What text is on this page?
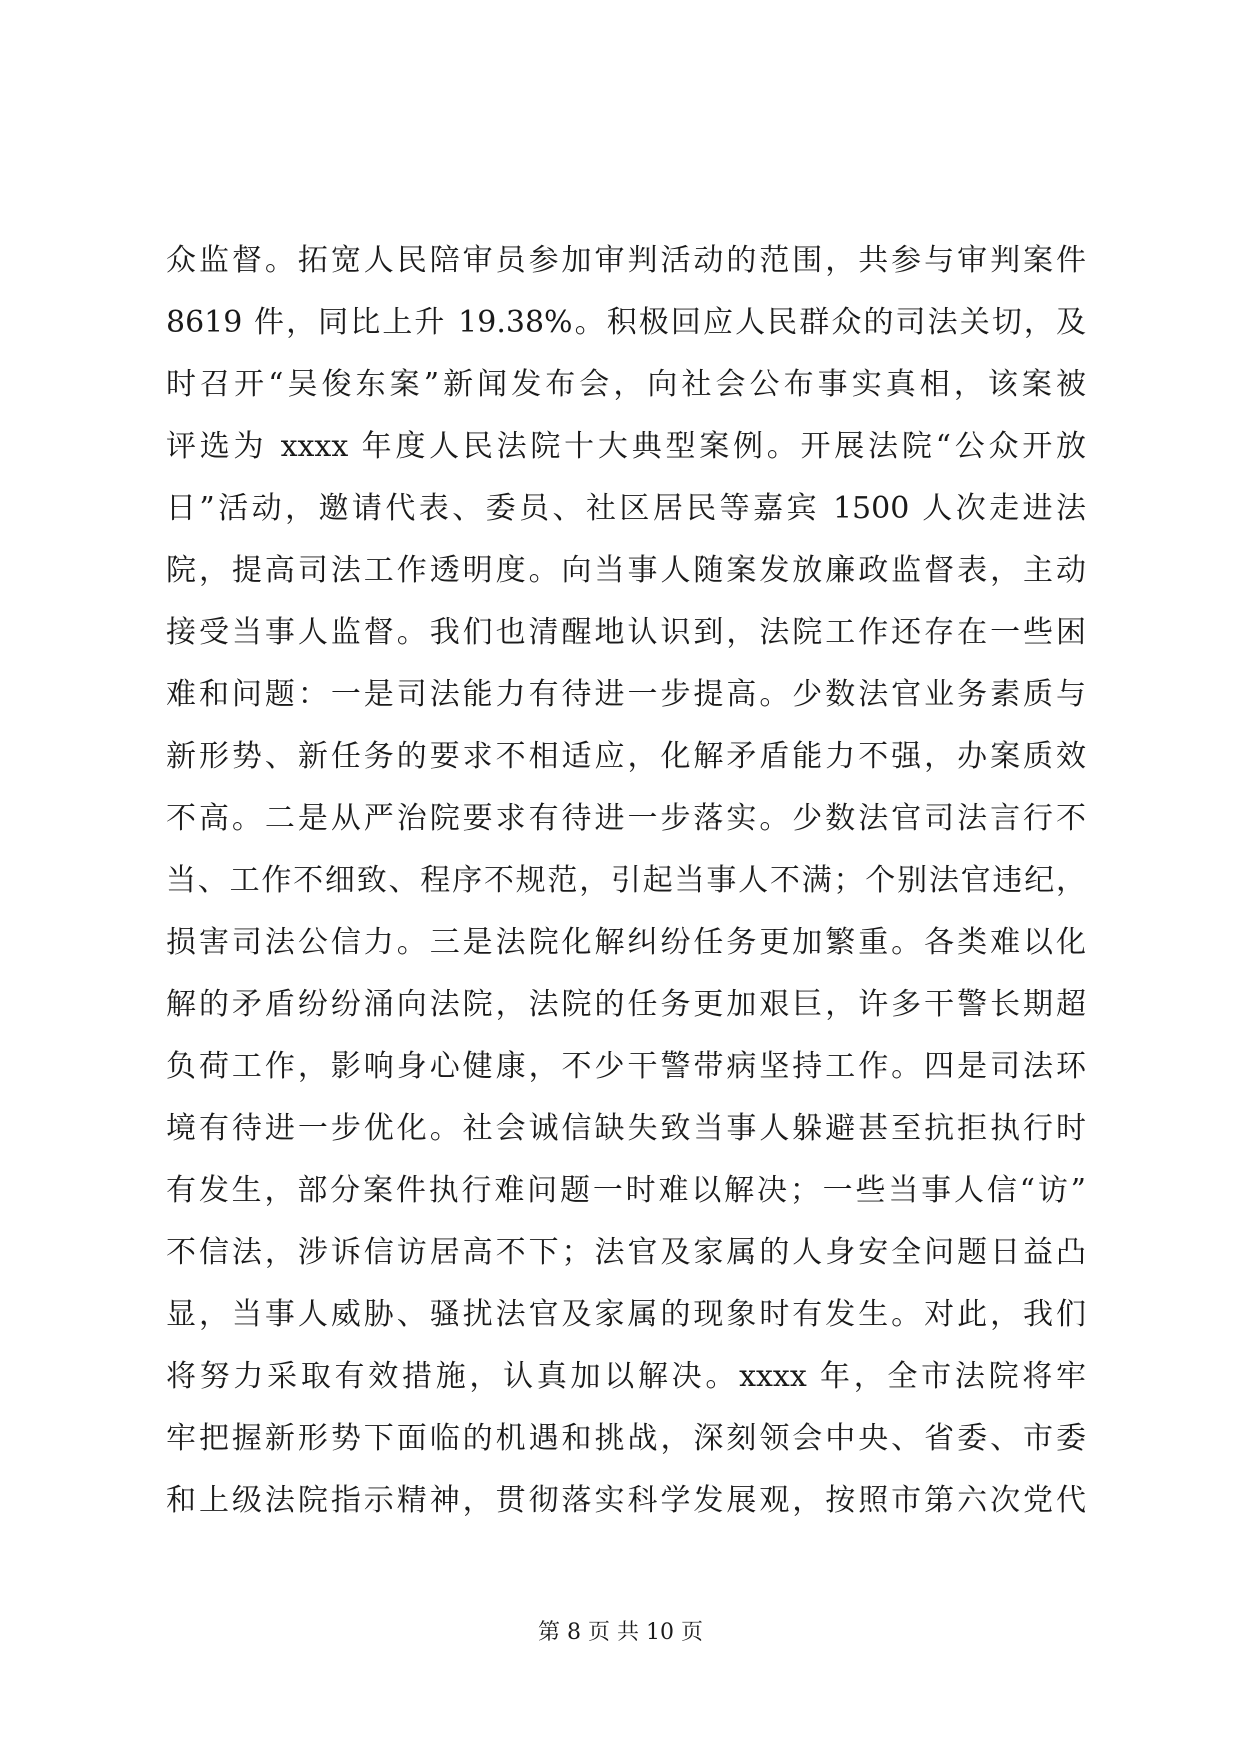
众监督。拓宽人民陪审员参加审判活动的范围，共参与审判案件
8619 件，同比上升 19.38%。积极回应人民群众的司法关切，及
时召开“吴俊东案”新闻发布会，向社会公布事实真相，该案被
评选为 xxxx 年度人民法院十大典型案例。开展法院“公众开放
日”活动，邀请代表、委员、社区居民等嘉宾 1500 人次走进法
院，提高司法工作透明度。向当事人随案发放廉政监督表，主动
接受当事人监督。我们也清醒地认识到，法院工作还存在一些困
难和问题：一是司法能力有待进一步提高。少数法官业务素质与
新形势、新任务的要求不相适应，化解矛盾能力不强，办案质效
不高。二是从严治院要求有待进一步落实。少数法官司法言行不
当、工作不细致、程序不规范，引起当事人不满；个别法官违纪，
损害司法公信力。三是法院化解纠纷任务更加繁重。各类难以化
解的矛盾纷纷涌向法院，法院的任务更加艰巨，许多干警长期超
负荷工作，影响身心健康，不少干警带病坚持工作。四是司法环
境有待进一步优化。社会诚信缺失致当事人躲避甚至抗拒执行时
有发生，部分案件执行难问题一时难以解决；一些当事人信“访”
不信法，涉诉信访居高不下；法官及家属的人身安全问题日益凸
显，当事人威胁、骚扰法官及家属的现象时有发生。对此，我们
将努力采取有效措施，认真加以解决。xxxx 年，全市法院将牢
牢把握新形势下面临的机遇和挑战，深刻领会中央、省委、市委
和上级法院指示精神，贯彻落实科学发展观，按照市第六次党代
第 8 页 共 10 页
